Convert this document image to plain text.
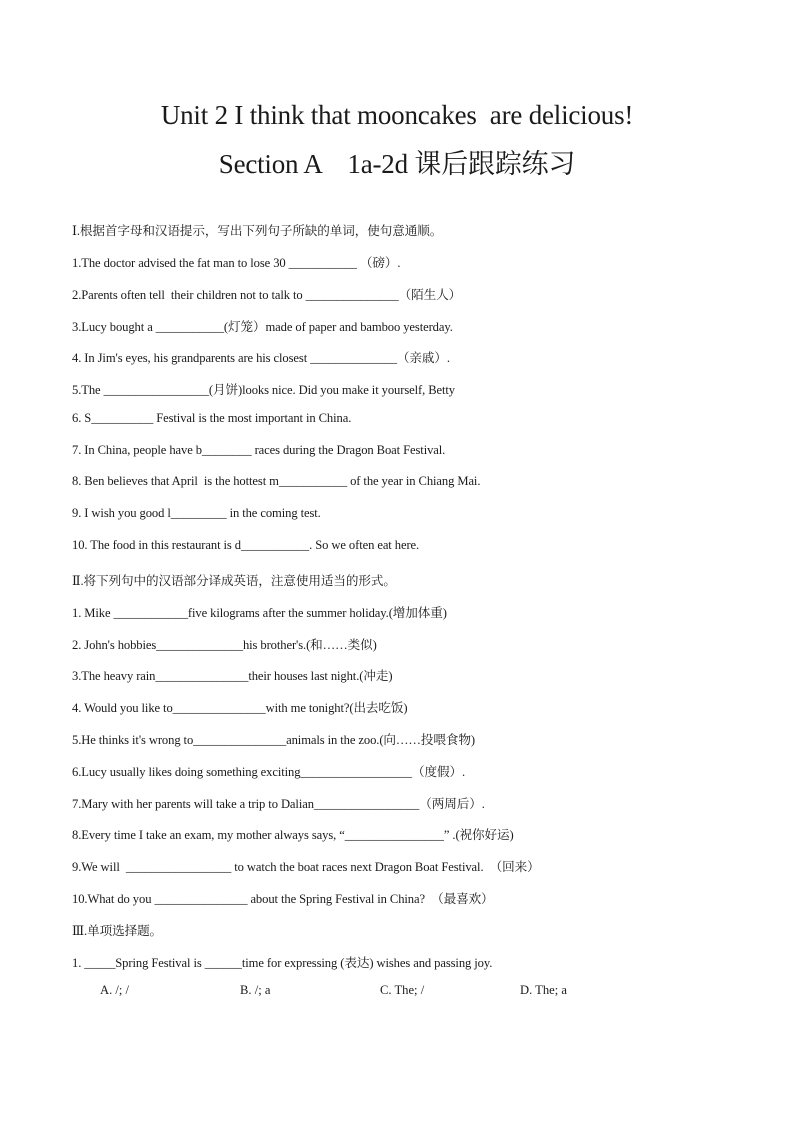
Unit 2 I think that mooncakes  are delicious!
Section A    1a-2d 课后跟踪练习
Ⅰ.根据首字母和汉语提示，写出下列句子所缺的单词，使句意通顺。
1.The doctor advised the fat man to lose 30 ___________ （磅）.
2.Parents often tell  their children not to talk to _______________（陌生人）
3.Lucy bought a ___________(灯笼）made of paper and bamboo yesterday.
4. In Jim's eyes, his grandparents are his closest ______________（亲戚）.
5.The _________________(月饼)looks nice. Did you make it yourself, Betty
6. S__________ Festival is the most important in China.
7. In China, people have b________ races during the Dragon Boat Festival.
8. Ben believes that April  is the hottest m___________ of the year in Chiang Mai.
9. I wish you good l_________ in the coming test.
10. The food in this restaurant is d___________. So we often eat here.
Ⅱ.将下列句中的汉语部分译成英语，注意使用适当的形式。
1. Mike ____________five kilograms after the summer holiday.(增加体重)
2. John's hobbies______________his brother's.(和……类似)
3.The heavy rain_______________their houses last night.(冲走)
4. Would you like to_______________with me tonight?(出去吃饭)
5.He thinks it's wrong to_______________animals in the zoo.(向……投喂食物)
6.Lucy usually likes doing something exciting__________________（度假）.
7.Mary with her parents will take a trip to Dalian_________________（两周后）.
8.Every time I take an exam, my mother always says, “________________” .(祝你好运)
9.We will  _________________ to watch the boat races next Dragon Boat Festival.  （回来）
10.What do you _______________ about the Spring Festival in China?  （最喜欢）
Ⅲ.单项选择题。
1. _____Spring Festival is ______time for expressing (表达) wishes and passing joy.
A. /; /	B. /; a	C. The; /	D. The; a
